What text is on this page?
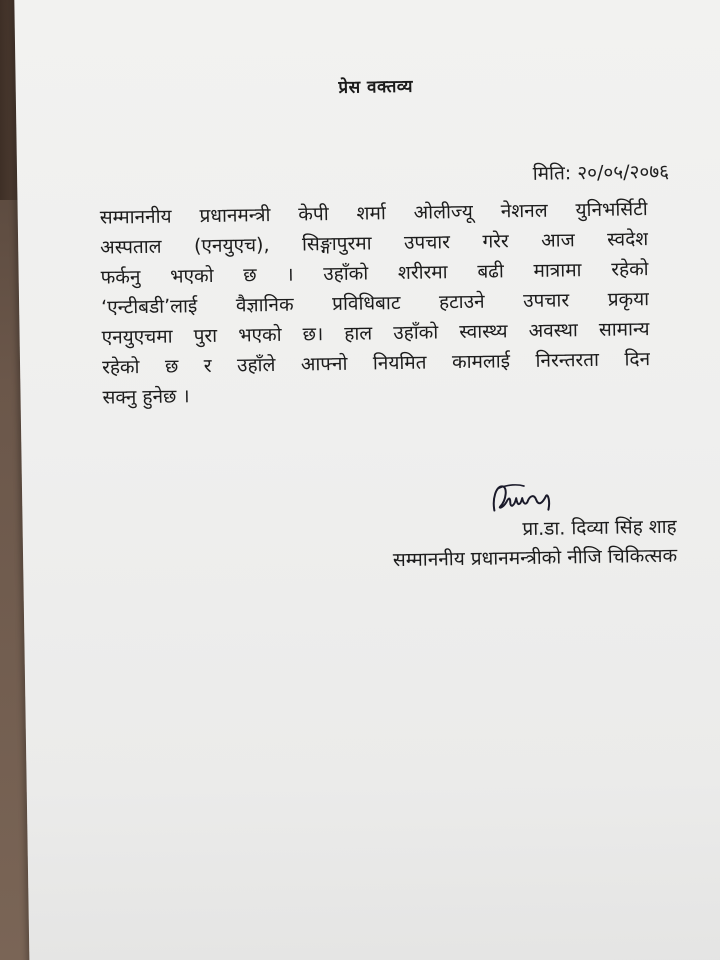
प्रेस वक्तव्य
मिति: २०/०५/२०७६
सम्माननीय प्रधानमन्त्री केपी शर्मा ओलीज्यू नेशनल युनिभर्सिटी
अस्पताल (एनयुएच), सिङ्गापुरमा उपचार गरेर आज स्वदेश
फर्कनु भएको छ । उहाँको शरीरमा बढी मात्रामा रहेको
‘एन्टीबडी’लाई वैज्ञानिक प्रविधिबाट हटाउने उपचार प्रकृया
एनयुएचमा पुरा भएको छ। हाल उहाँको स्वास्थ्य अवस्था सामान्य
रहेको छ र उहाँले आफ्नो नियमित कामलाई निरन्तरता दिन
सक्नु हुनेछ ।
प्रा.डा. दिव्या सिंह शाह
सम्माननीय प्रधानमन्त्रीको नीजि चिकित्सक
